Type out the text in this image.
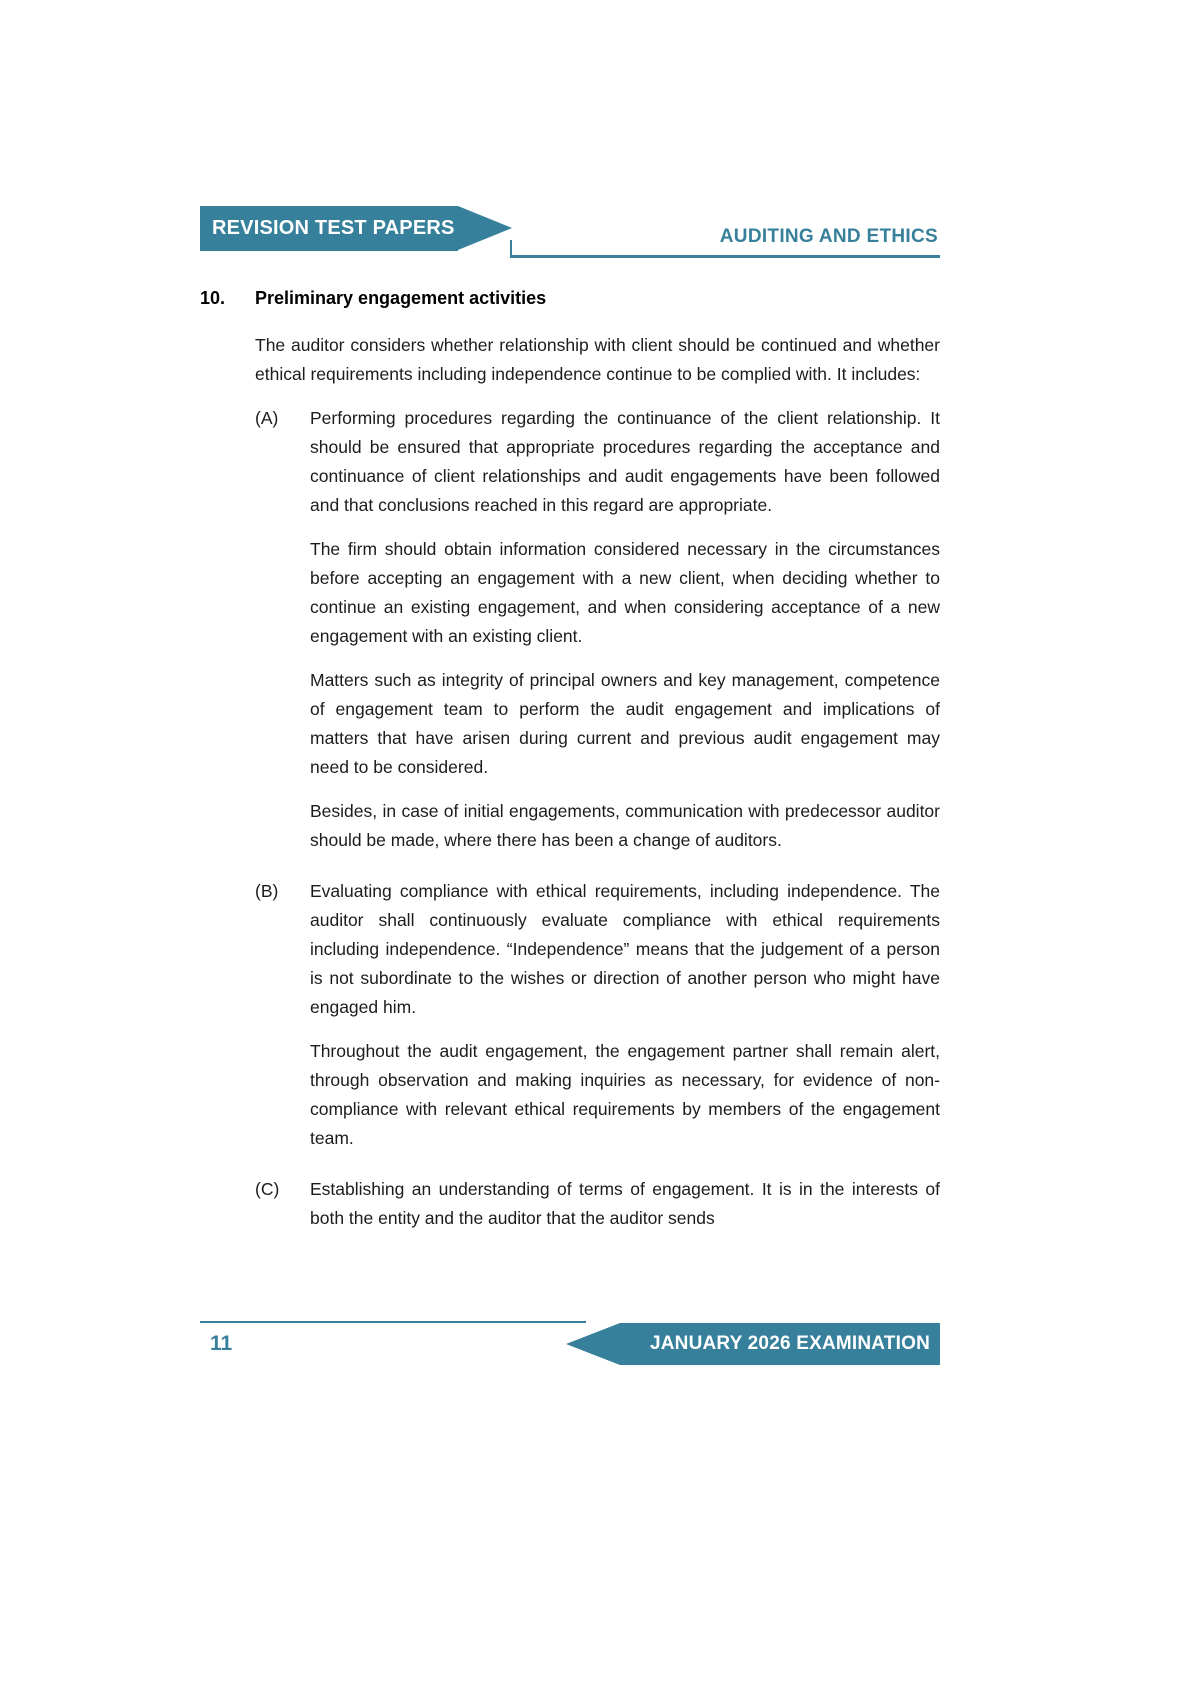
REVISION TEST PAPERS	AUDITING AND ETHICS
10.	Preliminary engagement activities

The auditor considers whether relationship with client should be continued and whether ethical requirements including independence continue to be complied with. It includes:

(A)	Performing procedures regarding the continuance of the client relationship. It should be ensured that appropriate procedures regarding the acceptance and continuance of client relationships and audit engagements have been followed and that conclusions reached in this regard are appropriate.

The firm should obtain information considered necessary in the circumstances before accepting an engagement with a new client, when deciding whether to continue an existing engagement, and when considering acceptance of a new engagement with an existing client.

Matters such as integrity of principal owners and key management, competence of engagement team to perform the audit engagement and implications of matters that have arisen during current and previous audit engagement may need to be considered.

Besides, in case of initial engagements, communication with predecessor auditor should be made, where there has been a change of auditors.

(B)	Evaluating compliance with ethical requirements, including independence. The auditor shall continuously evaluate compliance with ethical requirements including independence. “Independence” means that the judgement of a person is not subordinate to the wishes or direction of another person who might have engaged him.

Throughout the audit engagement, the engagement partner shall remain alert, through observation and making inquiries as necessary, for evidence of non-compliance with relevant ethical requirements by members of the engagement team.

(C)	Establishing an understanding of terms of engagement. It is in the interests of both the entity and the auditor that the auditor sends

JANUARY 2026 EXAMINATION
11
